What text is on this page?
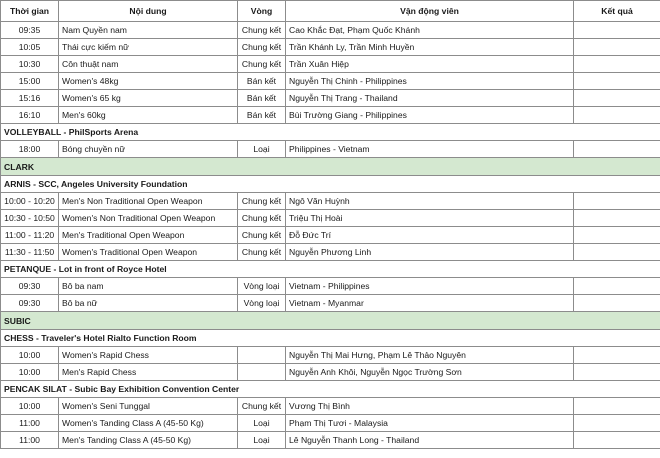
Thời gian	Nội dung	Vòng	Vận động viên	Kết quả
09:35	Nam Quyền nam	Chung kết	Cao Khắc Đạt, Phạm Quốc Khánh	
10:05	Thái cực kiếm nữ	Chung kết	Trần Khánh Ly, Trần Minh Huyền	
10:30	Côn thuật nam	Chung kết	Trần Xuân Hiệp	
15:00	Women's 48kg	Bán kết	Nguyễn Thị Chinh - Philippines	
15:16	Women's 65 kg	Bán kết	Nguyễn Thị Trang - Thailand	
16:10	Men's 60kg	Bán kết	Bùi Trường Giang - Philippines	
VOLLEYBALL - PhilSports Arena				
18:00	Bóng chuyền nữ	Loại	Philippines - Vietnam	
CLARK				
ARNIS - SCC, Angeles University Foundation				
10:00 - 10:20	Men's Non Traditional Open Weapon	Chung kết	Ngô Văn Huỳnh	
10:30 - 10:50	Women's Non Traditional Open Weapon	Chung kết	Triệu Thị Hoài	
11:00 - 11:20	Men's Traditional Open Weapon	Chung kết	Đỗ Đức Trí	
11:30 - 11:50	Women's Traditional Open Weapon	Chung kết	Nguyễn Phương Linh	
PETANQUE - Lot in front of Royce Hotel				
09:30	Bô ba nam	Vòng loại	Vietnam - Philippines	
09:30	Bô ba nữ	Vòng loại	Vietnam - Myanmar	
SUBIC				
CHESS - Traveler's Hotel Rialto Function Room				
10:00	Women's Rapid Chess		Nguyễn Thị Mai Hưng, Phạm Lê Thảo Nguyên	
10:00	Men's Rapid Chess		Nguyễn Anh Khôi, Nguyễn Ngọc Trường Sơn	
PENCAK SILAT - Subic Bay Exhibition Convention Center				
10:00	Women's Seni Tunggal	Chung kết	Vương Thị Bình	
11:00	Women's Tanding Class A (45-50 Kg)	Loại	Phạm Thị Tươi - Malaysia	
11:00	Men's Tanding Class A (45-50 Kg)	Loại	Lê Nguyễn Thanh Long - Thailand	
